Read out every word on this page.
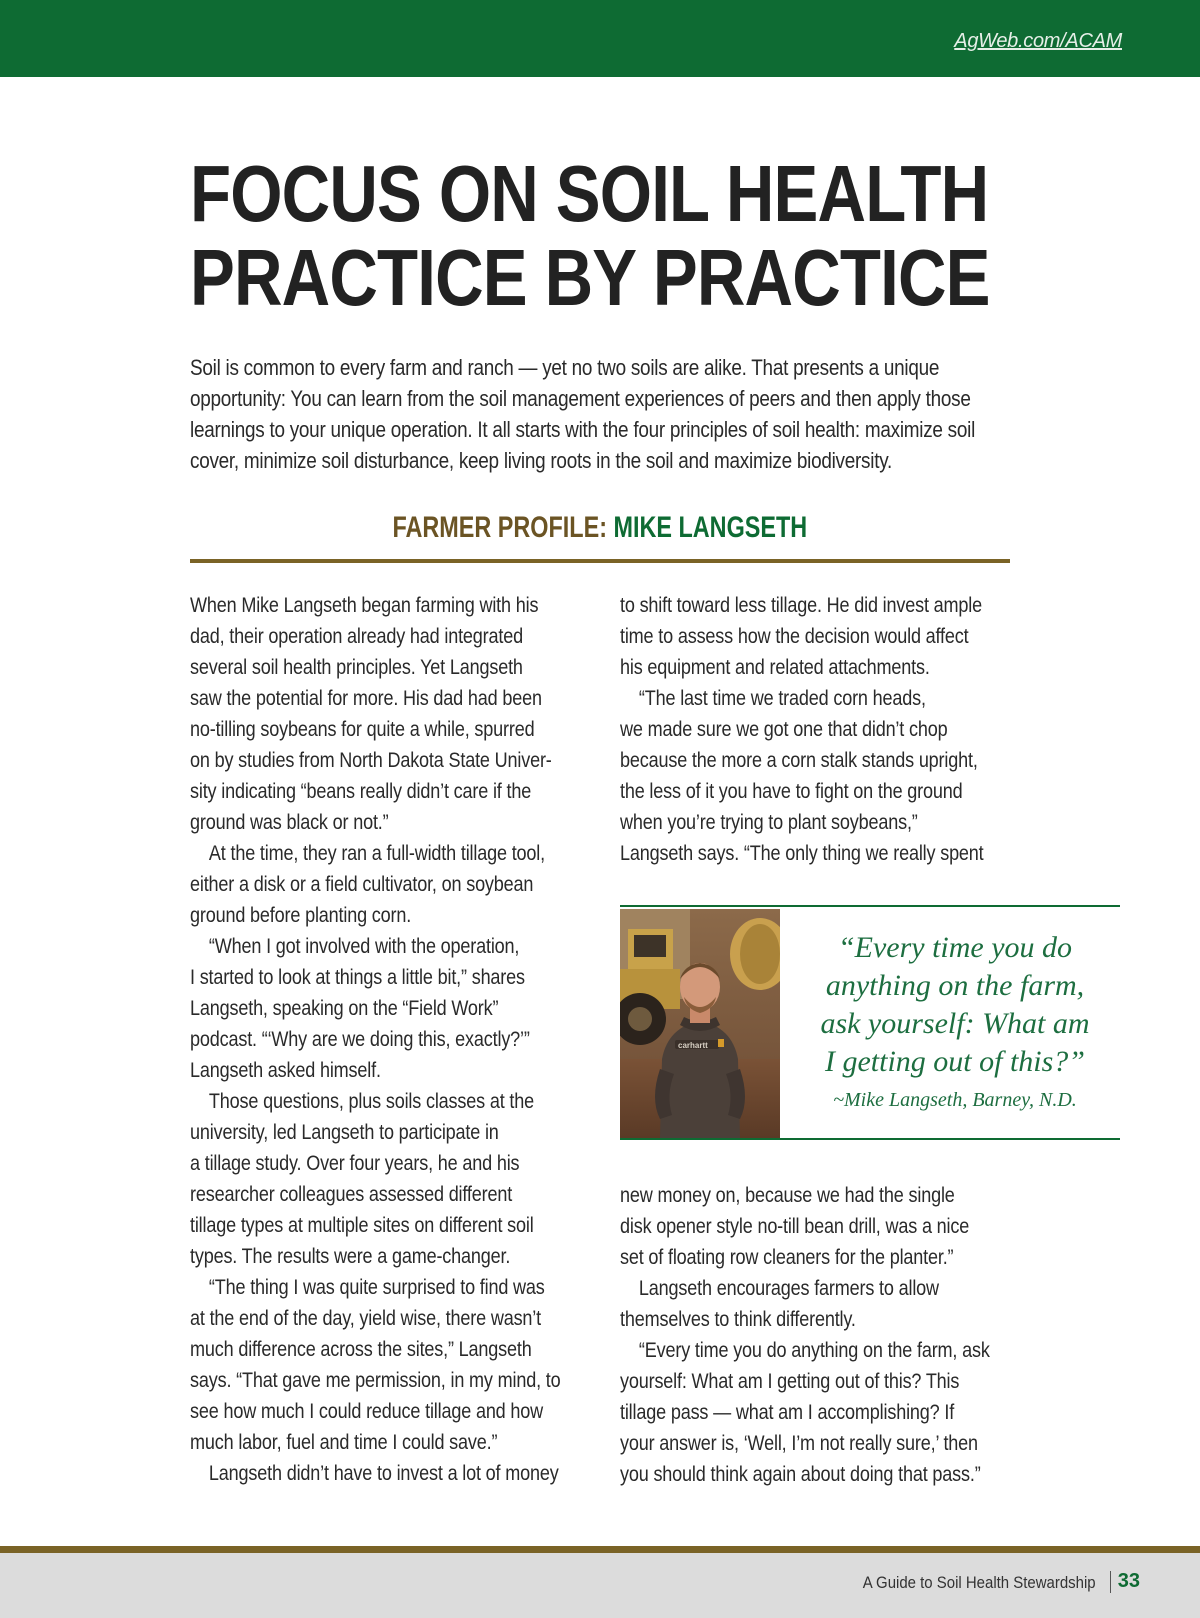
AgWeb.com/ACAM
FOCUS ON SOIL HEALTH
PRACTICE BY PRACTICE

Soil is common to every farm and ranch — yet no two soils are alike. That presents a unique

opportunity: You can learn from the soil management experiences of peers and then apply those

learnings to your unique operation. It all starts with the four principles of soil health: maximize soil

cover, minimize soil disturbance, keep living roots in the soil and maximize biodiversity.

FARMER PROFILE: MIKE LANGSETH

When Mike Langseth began farming with his

dad, their operation already had integrated

several soil health principles. Yet Langseth

saw the potential for more. His dad had been

no-tilling soybeans for quite a while, spurred

on by studies from North Dakota State Univer-

sity indicating “beans really didn’t care if the

ground was black or not.”

At the time, they ran a full-width tillage tool,

either a disk or a field cultivator, on soybean

ground before planting corn.

“When I got involved with the operation,

I started to look at things a little bit,” shares

Langseth, speaking on the “Field Work”

podcast. “‘Why are we doing this, exactly?’”

Langseth asked himself.

Those questions, plus soils classes at the

university, led Langseth to participate in

a tillage study. Over four years, he and his

researcher colleagues assessed different

tillage types at multiple sites on different soil

types. The results were a game-changer.

“The thing I was quite surprised to find was

at the end of the day, yield wise, there wasn’t

much difference across the sites,” Langseth

says. “That gave me permission, in my mind, to

see how much I could reduce tillage and how

much labor, fuel and time I could save.”

Langseth didn’t have to invest a lot of money

to shift toward less tillage. He did invest ample

time to assess how the decision would affect

his equipment and related attachments.

“The last time we traded corn heads,

we made sure we got one that didn’t chop

because the more a corn stalk stands upright,

the less of it you have to fight on the ground

when you’re trying to plant soybeans,”

Langseth says. “The only thing we really spent

carhartt
“Every time you do
anything on the farm,
ask yourself: What am
I getting out of this?”
~Mike Langseth, Barney, N.D.

new money on, because we had the single

disk opener style no-till bean drill, was a nice

set of floating row cleaners for the planter.”

Langseth encourages farmers to allow

themselves to think differently.

“Every time you do anything on the farm, ask

yourself: What am I getting out of this? This

tillage pass — what am I accomplishing? If

your answer is, ‘Well, I’m not really sure,’ then

you should think again about doing that pass.”

A Guide to Soil Health Stewardship 33
